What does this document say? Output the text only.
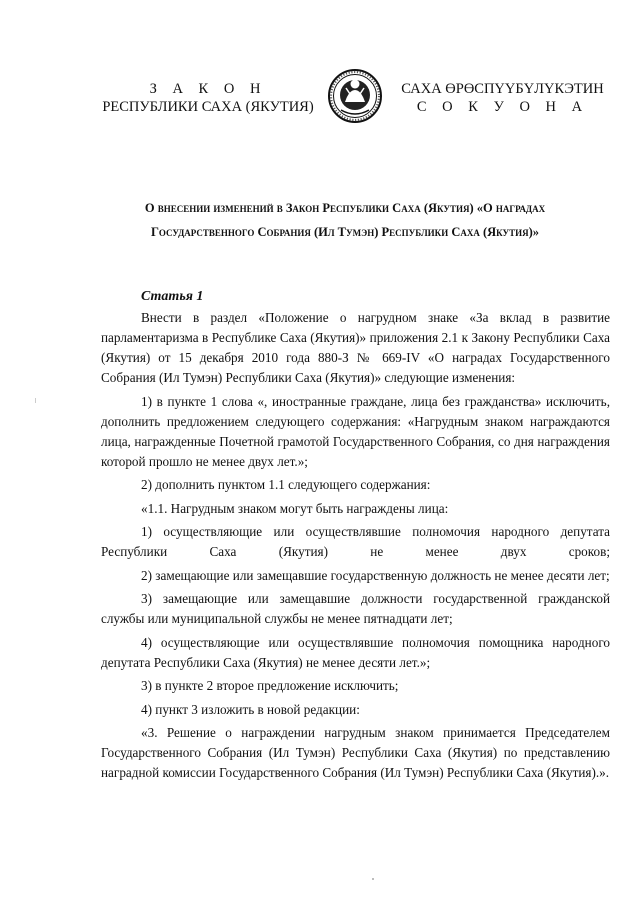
З А К О Н
РЕСПУБЛИКИ САХА (ЯКУТИЯ)
САХА ӨРӨСПҮҮБҮЛҮКЭТИН
С О К У О Н А
О внесении изменений в Закон Республики Саха (Якутия) «О наградах
Государственного Собрания (Ил Тумэн) Республики Саха (Якутия)»
Статья 1

Внести в раздел «Положение о нагрудном знаке «За вклад в развитие парламентаризма в Республике Саха (Якутия)» приложения 2.1 к Закону Республики Саха (Якутия) от 15 декабря 2010 года 880-З № 669-IV «О наградах Государственного Собрания (Ил Тумэн) Республики Саха (Якутия)» следующие изменения:

1) в пункте 1 слова «, иностранные граждане, лица без гражданства» исключить, дополнить предложением следующего содержания: «Нагрудным знаком награждаются лица, награжденные Почетной грамотой Государственного Собрания, со дня награждения которой прошло не менее двух лет.»;

2) дополнить пунктом 1.1 следующего содержания:

«1.1. Нагрудным знаком могут быть награждены лица:

1) осуществляющие или осуществлявшие полномочия народного депутата Республики Саха (Якутия) не менее двух сроков;

2) замещающие или замещавшие государственную должность не менее десяти лет;

3) замещающие или замещавшие должности государственной гражданской службы или муниципальной службы не менее пятнадцати лет;

4) осуществляющие или осуществлявшие полномочия помощника народного депутата Республики Саха (Якутия) не менее десяти лет.»;

3) в пункте 2 второе предложение исключить;

4) пункт 3 изложить в новой редакции:

«3. Решение о награждении нагрудным знаком принимается Председателем Государственного Собрания (Ил Тумэн) Республики Саха (Якутия) по представлению наградной комиссии Государственного Собрания (Ил Тумэн) Республики Саха (Якутия).».
